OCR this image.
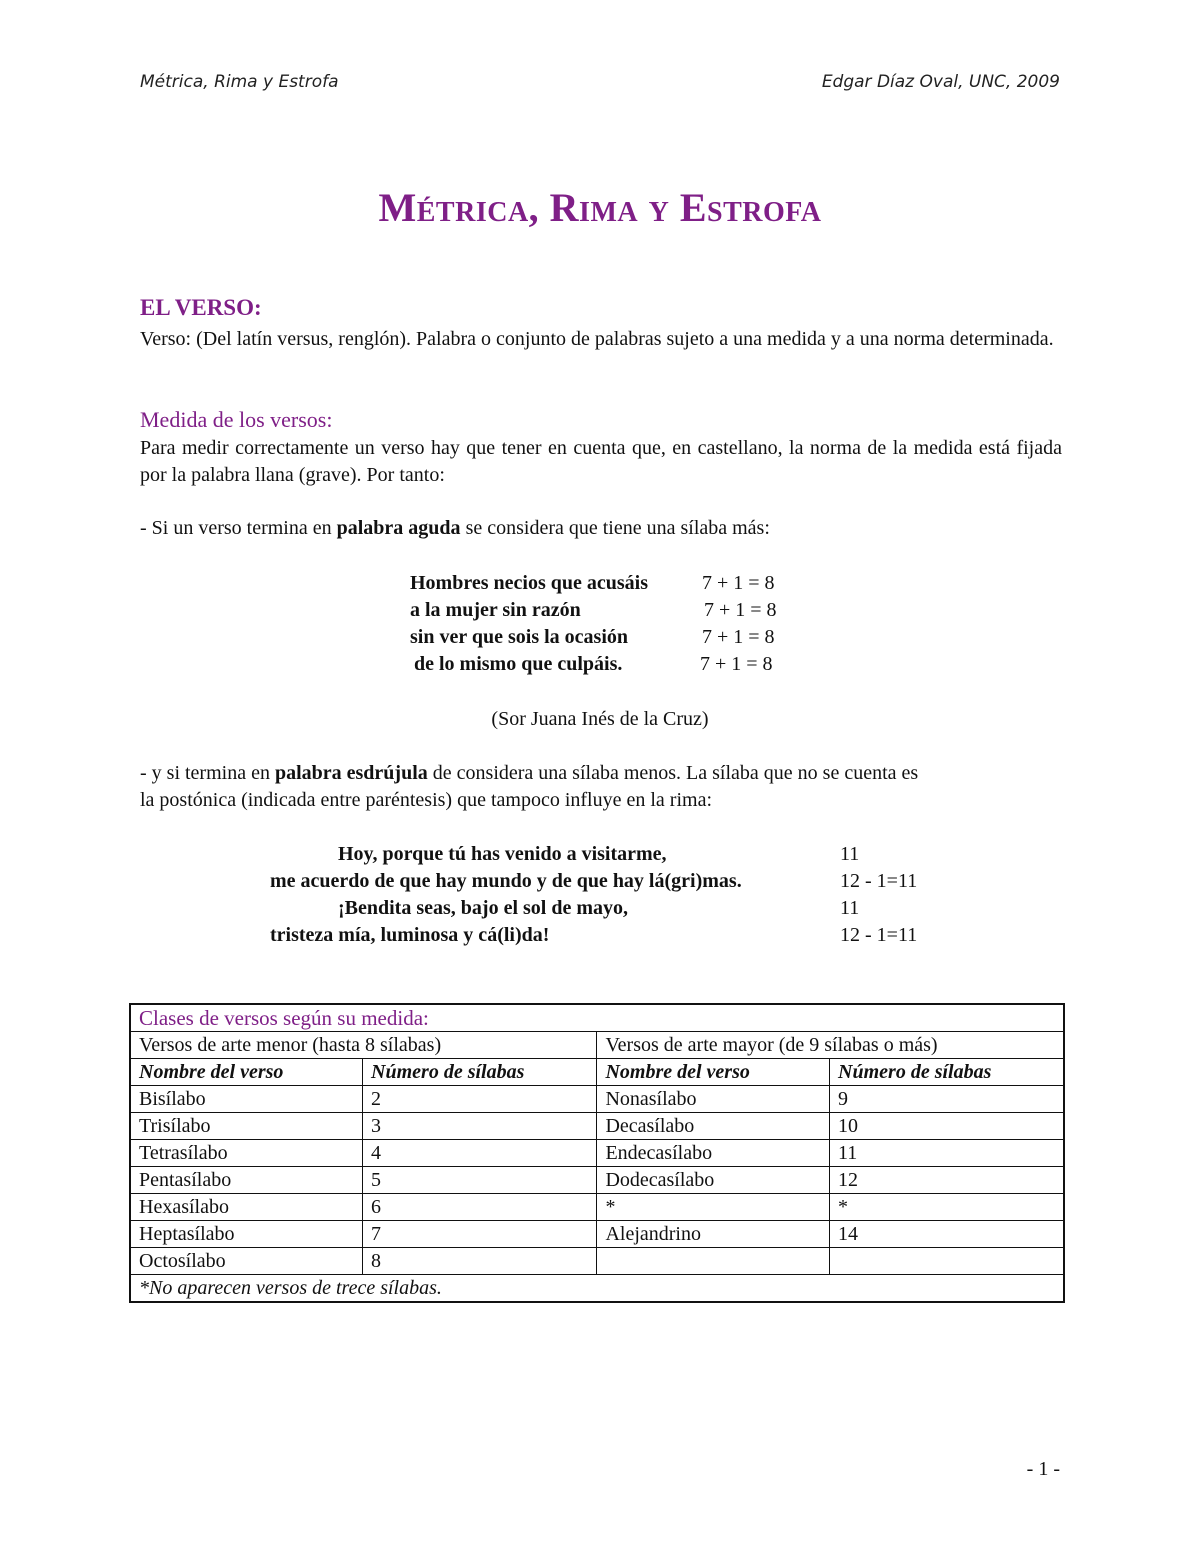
Métrica, Rima y Estrofa	Edgar Díaz Oval, UNC, 2009
Métrica, Rima y Estrofa
EL VERSO:
Verso: (Del latín versus, renglón). Palabra o conjunto de palabras sujeto a una medida y a una norma determinada.
Medida de los versos:
Para medir correctamente un verso hay que tener en cuenta que, en castellano, la norma de la medida está fijada por la palabra llana (grave). Por tanto:
- Si un verso termina en palabra aguda se considera que tiene una sílaba más:
Hombres necios que acusáis	7 + 1 = 8
a la mujer sin razón	7 + 1 = 8
sin ver que sois la ocasión	7 + 1 = 8
de lo mismo que culpáis.	7 + 1 = 8
(Sor Juana Inés de la Cruz)
- y si termina en palabra esdrújula de considera una sílaba menos. La sílaba que no se cuenta es
la postónica (indicada entre paréntesis) que tampoco influye en la rima:
Hoy, porque tú has venido a visitarme,	11
me acuerdo de que hay mundo y de que hay lá(gri)mas.	12 - 1=11
¡Bendita seas, bajo el sol de mayo,	11
tristeza mía, luminosa y cá(li)da!	12 - 1=11
Clases de versos según su medida:			
Versos de arte menor (hasta 8 sílabas)		Versos de arte mayor (de 9 sílabas o más)	
Nombre del verso	Número de sílabas	Nombre del verso	Número de sílabas
Bisílabo	2	Nonasílabo	9
Trisílabo	3	Decasílabo	10
Tetrasílabo	4	Endecasílabo	11
Pentasílabo	5	Dodecasílabo	12
Hexasílabo	6	*	*
Heptasílabo	7	Alejandrino	14
Octosílabo	8		
*No aparecen versos de trece sílabas.			
- 1 -
